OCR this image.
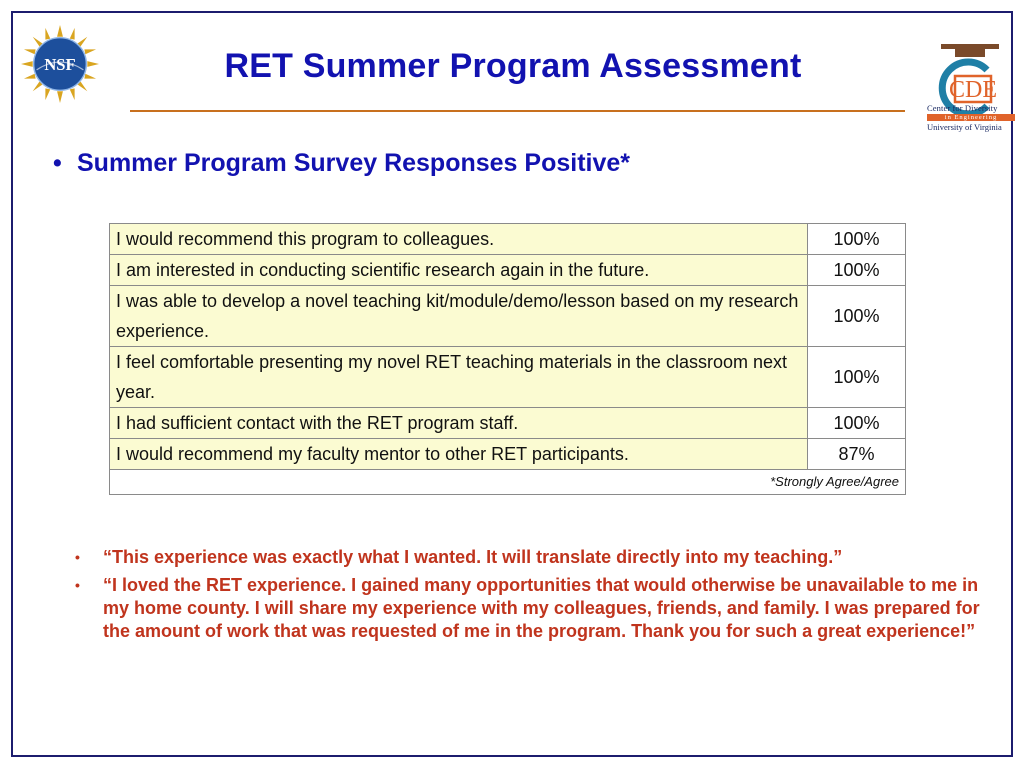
NSF	RET Summer Program Assessment
CDE
Center for Diversity
in Engineering
University of Virginia
• Summer Program Survey Responses Positive*
I would recommend this program to colleagues.	100%
I am interested in conducting scientific research again in the future.	100%
I was able to develop a novel teaching kit/module/demo/lesson based on my research experience.	100%
I feel comfortable presenting my novel RET teaching materials in the classroom next year.	100%
I had sufficient contact with the RET program staff.	100%
I would recommend my faculty mentor to other RET participants.	87%
*Strongly Agree/Agree	
•	“This experience was exactly what I wanted. It will translate directly into my teaching.”
•	“I loved the RET experience. I gained many opportunities that would otherwise be unavailable to me in my home county. I will share my experience with my colleagues, friends, and family. I was prepared for the amount of work that was requested of me in the program. Thank you for such a great experience!”
